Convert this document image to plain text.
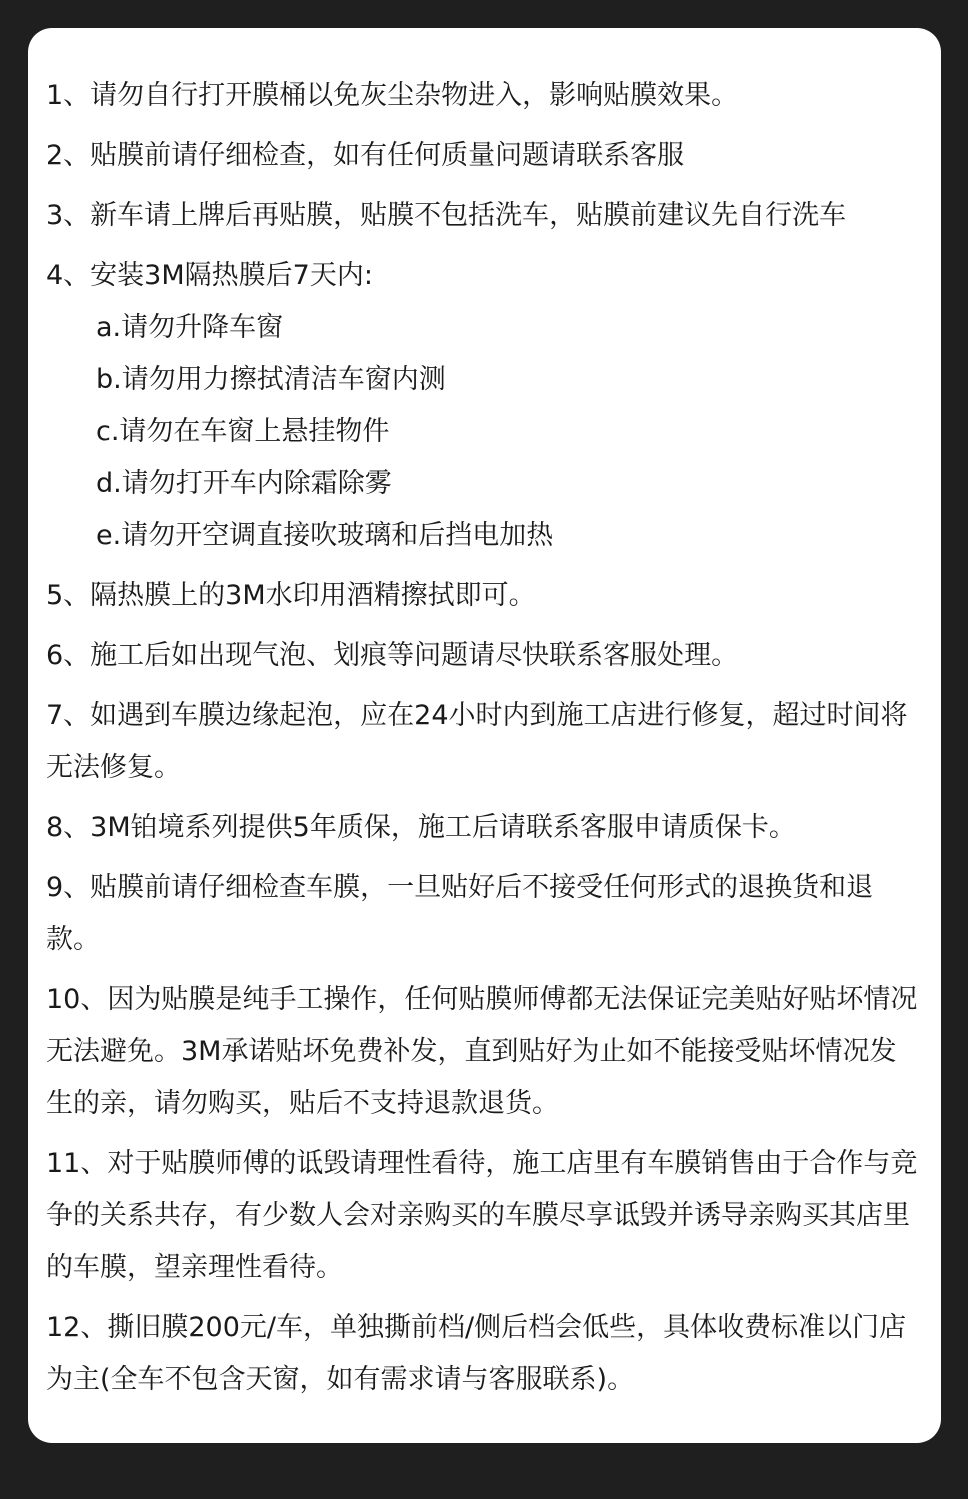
1、请勿自行打开膜桶以免灰尘杂物进入，影响贴膜效果。

2、贴膜前请仔细检查，如有任何质量问题请联系客服

3、新车请上牌后再贴膜，贴膜不包括洗车，贴膜前建议先自行洗车

4、安装3M隔热膜后7天内:

a.请勿升降车窗

b.请勿用力擦拭清洁车窗内测

c.请勿在车窗上悬挂物件

d.请勿打开车内除霜除雾

e.请勿开空调直接吹玻璃和后挡电加热

5、隔热膜上的3M水印用酒精擦拭即可。

6、施工后如出现气泡、划痕等问题请尽快联系客服处理。

7、如遇到车膜边缘起泡，应在24小时内到施工店进行修复，超过时间将无法修复。

8、3M铂境系列提供5年质保，施工后请联系客服申请质保卡。

9、贴膜前请仔细检查车膜，一旦贴好后不接受任何形式的退换货和退款。

10、因为贴膜是纯手工操作，任何贴膜师傅都无法保证完美贴好贴坏情况无法避免。3M承诺贴坏免费补发，直到贴好为止如不能接受贴坏情况发生的亲，请勿购买，贴后不支持退款退货。

11、对于贴膜师傅的诋毁请理性看待，施工店里有车膜销售由于合作与竞争的关系共存，有少数人会对亲购买的车膜尽享诋毁并诱导亲购买其店里的车膜，望亲理性看待。

12、撕旧膜200元/车，单独撕前档/侧后档会低些，具体收费标准以门店为主(全车不包含天窗，如有需求请与客服联系)。
